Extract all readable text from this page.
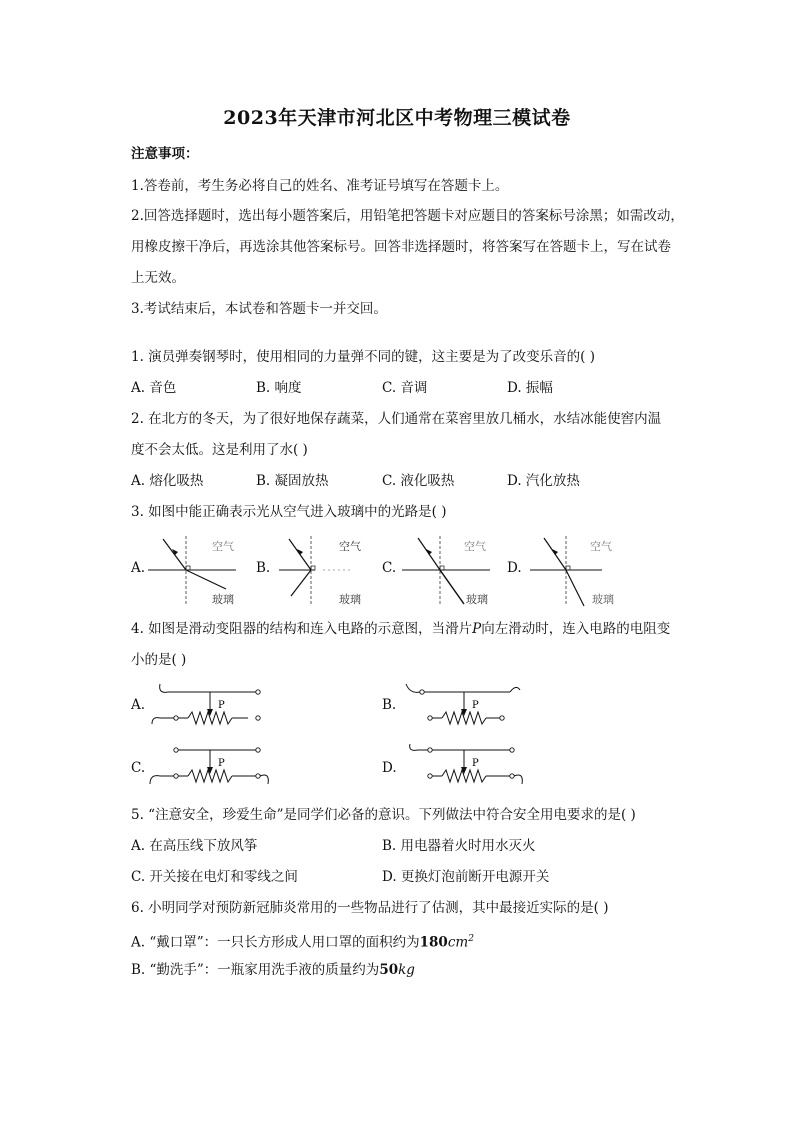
2023年天津市河北区中考物理三模试卷
注意事项：
1.答卷前，考生务必将自己的姓名、准考证号填写在答题卡上。
2.回答选择题时，选出每小题答案后，用铅笔把答题卡对应题目的答案标号涂黑；如需改动，
用橡皮擦干净后，再选涂其他答案标号。回答非选择题时，将答案写在答题卡上，写在试卷
上无效。
3.考试结束后，本试卷和答题卡一并交回。
1. 演员弹奏钢琴时，使用相同的力量弹不同的键，这主要是为了改变乐音的( )
A. 音色	B. 响度	C. 音调	D. 振幅
2. 在北方的冬天，为了很好地保存蔬菜，人们通常在菜窖里放几桶水，水结冰能使窖内温
度不会太低。这是利用了水( )
A. 熔化吸热	B. 凝固放热	C. 液化吸热	D. 汽化放热
3. 如图中能正确表示光从空气进入玻璃中的光路是( )
A.
空气
玻璃
B.
空气
玻璃
C.
空气
玻璃
D.
空气
玻璃
4. 如图是滑动变阻器的结构和连入电路的示意图，当滑片P向左滑动时，连入电路的电阻变
小的是( )
A.	P	B.	P
C.	P	D.	P
5. “注意安全，珍爱生命”是同学们必备的意识。下列做法中符合安全用电要求的是( )
A. 在高压线下放风筝	B. 用电器着火时用水灭火
C. 开关接在电灯和零线之间	D. 更换灯泡前断开电源开关
6. 小明同学对预防新冠肺炎常用的一些物品进行了估测，其中最接近实际的是( )
A. “戴口罩”：一只长方形成人用口罩的面积约为$180cm^2$
B. “勤洗手”：一瓶家用洗手液的质量约为50kg
